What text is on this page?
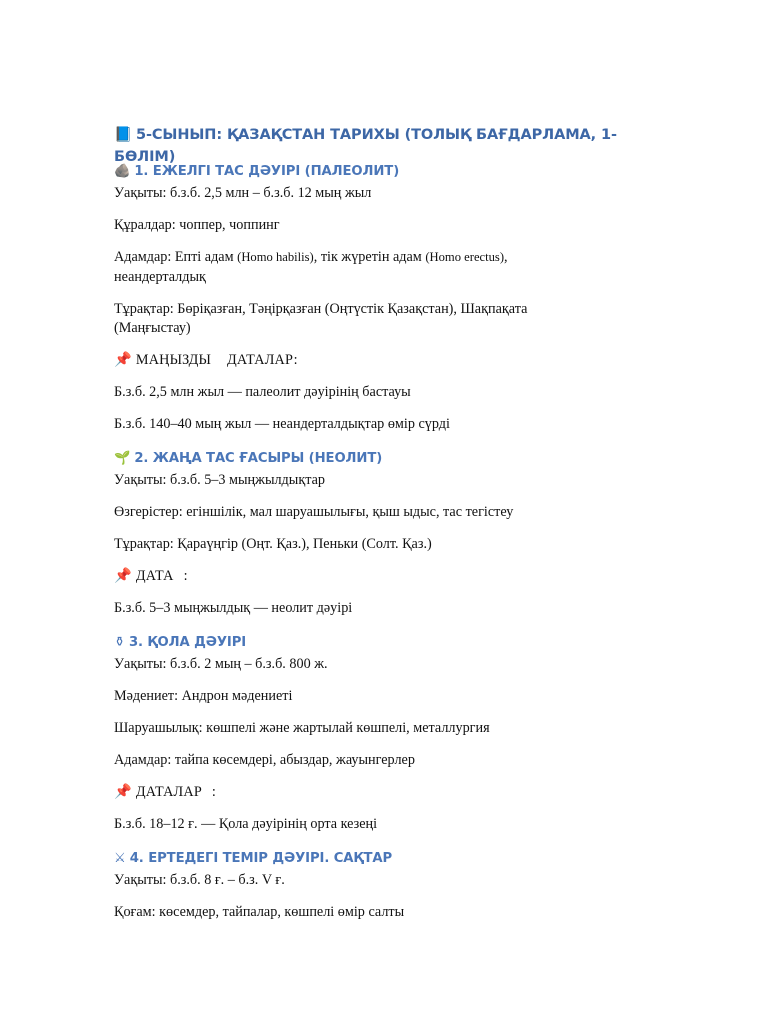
📘 5-СЫНЫП: ҚАЗАҚСТАН ТАРИХЫ (ТОЛЫҚ БАҒДАРЛАМА, 1-БӨЛІМ)
🪨 1. ЕЖЕЛГІ ТАС ДӘУІРІ (ПАЛЕОЛИТ)

Уақыты: б.з.б. 2,5 млн – б.з.б. 12 мың жыл

Құралдар: чоппер, чоппинг

Адамдар: Епті адам (Homo habilis), тік жүретін адам (Homo erectus),

неандерталдық

Тұрақтар: Бөріқазған, Тәңірқазған (Оңтүстік Қазақстан), Шақпақата

(Маңғыстау)

📌 МАҢЫЗДЫ ДАТАЛАР:

Б.з.б. 2,5 млн жыл — палеолит дәуірінің бастауы

Б.з.б. 140–40 мың жыл — неандерталдықтар өмір сүрді

🌱 2. ЖАҢА ТАС ҒАСЫРЫ (НЕОЛИТ)

Уақыты: б.з.б. 5–3 мыңжылдықтар

Өзгерістер: егіншілік, мал шаруашылығы, қыш ыдыс, тас тегістеу

Тұрақтар: Қараүңгір (Оңт. Қаз.), Пеньки (Солт. Қаз.)

📌 ДАТА :

Б.з.б. 5–3 мыңжылдық — неолит дәуірі

⚱ 3. ҚОЛА ДӘУІРІ

Уақыты: б.з.б. 2 мың – б.з.б. 800 ж.

Мәдениет: Андрон мәдениеті

Шаруашылық: көшпелі және жартылай көшпелі, металлургия

Адамдар: тайпа көсемдері, абыздар, жауынгерлер

📌 ДАТАЛАР :

Б.з.б. 18–12 ғ. — Қола дәуірінің орта кезеңі

⚔ 4. ЕРТЕДЕГІ ТЕМІР ДӘУІРІ. САҚТАР

Уақыты: б.з.б. 8 ғ. – б.з. V ғ.

Қоғам: көсемдер, тайпалар, көшпелі өмір салты
